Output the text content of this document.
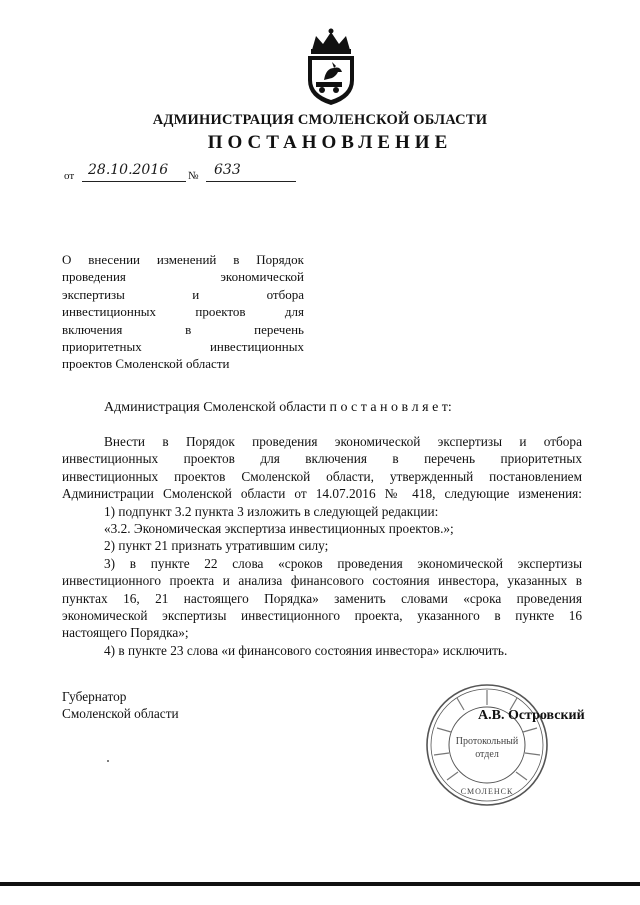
АДМИНИСТРАЦИЯ СМОЛЕНСКОЙ ОБЛАСТИ
ПОСТАНОВЛЕНИЕ
от 28.10.2016 № 633
О внесении изменений в Порядок
проведения экономической
экспертизы и отбора
инвестиционных проектов для
включения в перечень
приоритетных инвестиционных
проектов Смоленской области
Администрация Смоленской области п о с т а н о в л я е т:
Внести в Порядок проведения экономической экспертизы и отбора
инвестиционных проектов для включения в перечень приоритетных
инвестиционных проектов Смоленской области, утвержденный постановлением
Администрации Смоленской области от 14.07.2016 № 418, следующие изменения:
1) подпункт 3.2 пункта 3 изложить в следующей редакции:
«3.2. Экономическая экспертиза инвестиционных проектов.»;
2) пункт 21 признать утратившим силу;
3) в пункте 22 слова «сроков проведения экономической экспертизы
инвестиционного проекта и анализа финансового состояния инвестора, указанных в
пунктах 16, 21 настоящего Порядка» заменить словами «срока проведения
экономической экспертизы инвестиционного проекта, указанного в пункте 16
настоящего Порядка»;
4) в пункте 23 слова «и финансового состояния инвестора» исключить.
Губернатор
Смоленской области
Протокольный
отдел
СМОЛЕНСК
А.В. Островский
